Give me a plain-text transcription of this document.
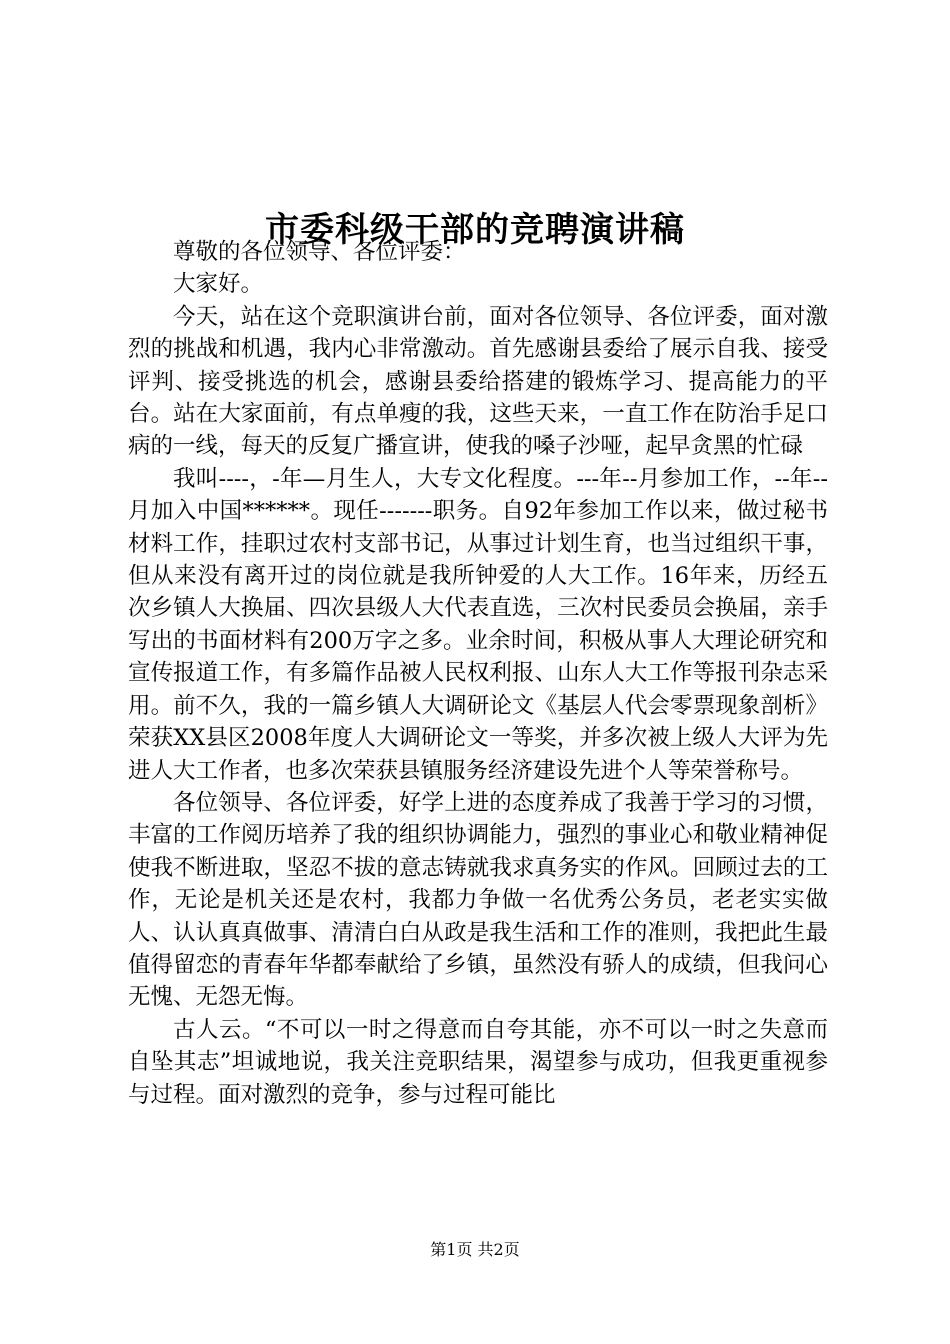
市委科级干部的竞聘演讲稿

尊敬的各位领导、各位评委：

大家好。

今天，站在这个竞职演讲台前，面对各位领导、各位评委，面对激烈的挑战和机遇，我内心非常激动。首先感谢县委给了展示自我、接受评判、接受挑选的机会，感谢县委给搭建的锻炼学习、提高能力的平台。站在大家面前，有点单瘦的我，这些天来，一直工作在防治手足口病的一线，每天的反复广播宣讲，使我的嗓子沙哑，起早贪黑的忙碌

我叫----，-年—月生人，大专文化程度。---年--月参加工作，--年--月加入中国******。现任-------职务。自92年参加工作以来，做过秘书材料工作，挂职过农村支部书记，从事过计划生育，也当过组织干事，但从来没有离开过的岗位就是我所钟爱的人大工作。16年来，历经五次乡镇人大换届、四次县级人大代表直选，三次村民委员会换届，亲手写出的书面材料有200万字之多。业余时间，积极从事人大理论研究和宣传报道工作，有多篇作品被人民权利报、山东人大工作等报刊杂志采用。前不久，我的一篇乡镇人大调研论文《基层人代会零票现象剖析》荣获XX县区2008年度人大调研论文一等奖，并多次被上级人大评为先进人大工作者，也多次荣获县镇服务经济建设先进个人等荣誉称号。

各位领导、各位评委，好学上进的态度养成了我善于学习的习惯，丰富的工作阅历培养了我的组织协调能力，强烈的事业心和敬业精神促使我不断进取，坚忍不拔的意志铸就我求真务实的作风。回顾过去的工作，无论是机关还是农村，我都力争做一名优秀公务员，老老实实做人、认认真真做事、清清白白从政是我生活和工作的准则，我把此生最值得留恋的青春年华都奉献给了乡镇，虽然没有骄人的成绩，但我问心无愧、无怨无悔。

古人云。“不可以一时之得意而自夸其能，亦不可以一时之失意而自坠其志”坦诚地说，我关注竞职结果，渴望参与成功，但我更重视参与过程。面对激烈的竞争，参与过程可能比

第1页 共2页
